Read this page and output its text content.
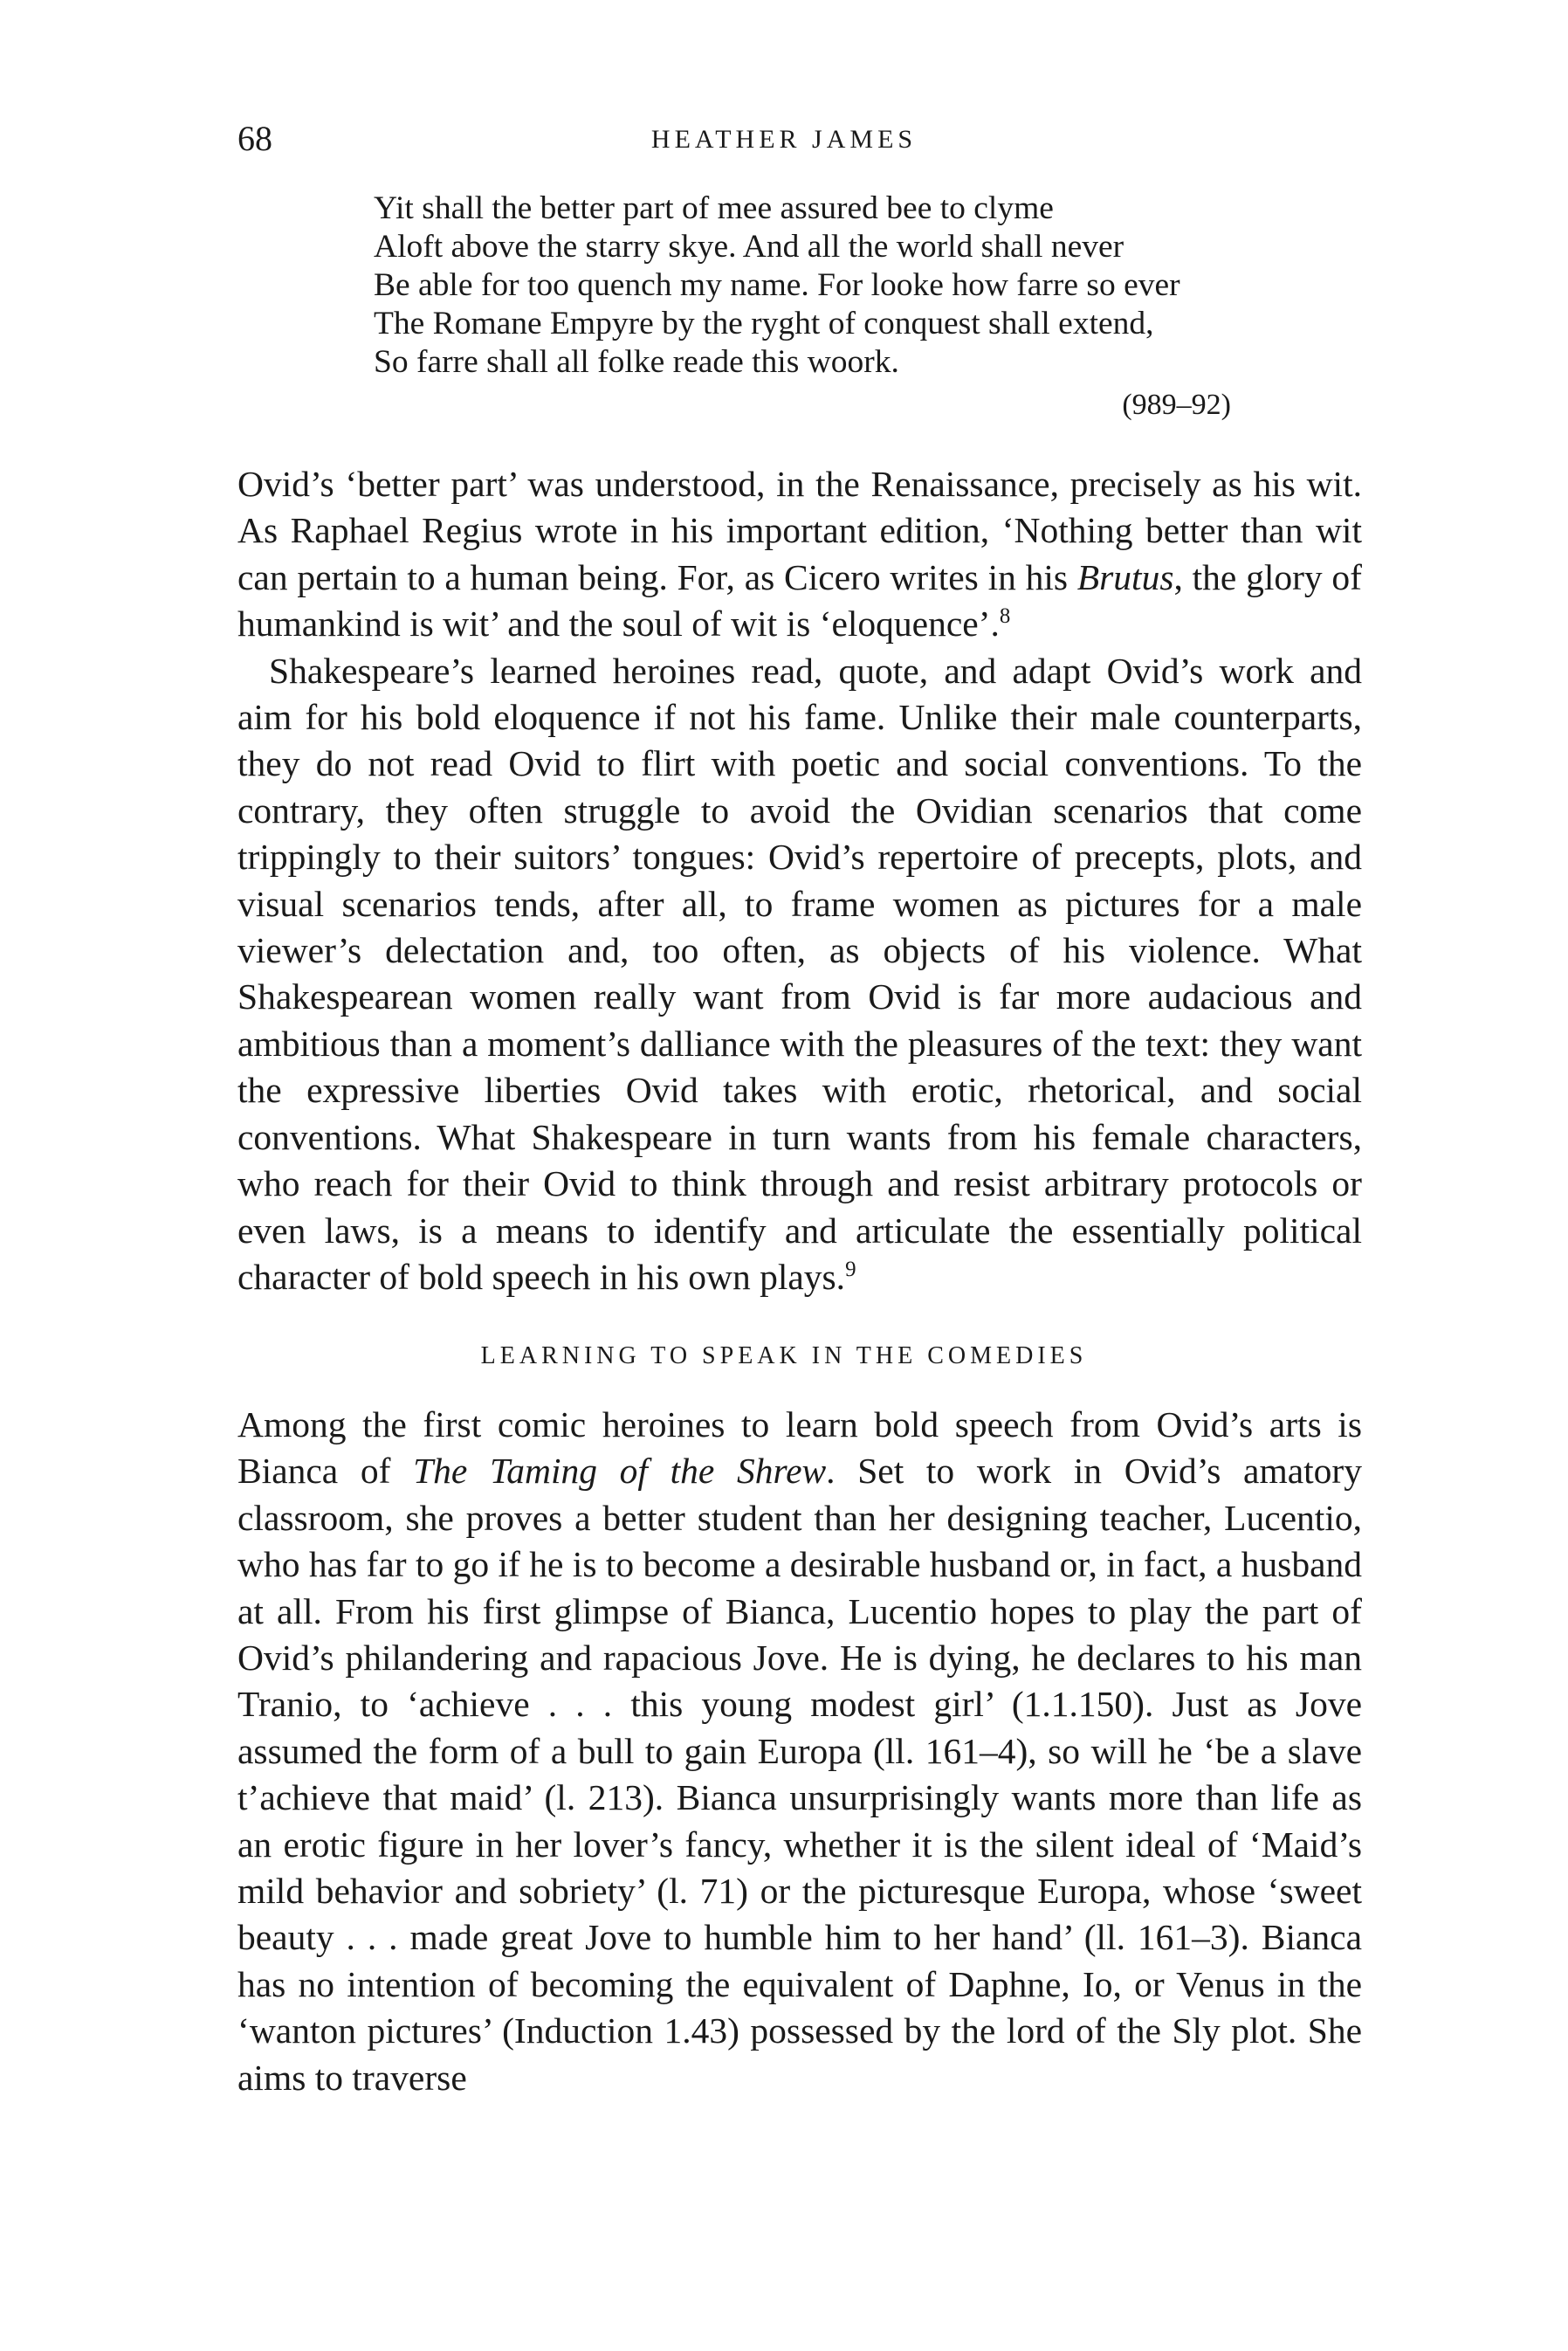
68	HEATHER JAMES
Yit shall the better part of mee assured bee to clyme
Aloft above the starry skye. And all the world shall never
Be able for too quench my name. For looke how farre so ever
The Romane Empyre by the ryght of conquest shall extend,
So farre shall all folke reade this woork.
(989–92)

Ovid’s ‘better part’ was understood, in the Renaissance, precisely as his wit. As Raphael Regius wrote in his important edition, ‘Nothing better than wit can pertain to a human being. For, as Cicero writes in his Brutus, the glory of humankind is wit’ and the soul of wit is ‘eloquence’.$^8$

Shakespeare’s learned heroines read, quote, and adapt Ovid’s work and aim for his bold eloquence if not his fame. Unlike their male counterparts, they do not read Ovid to flirt with poetic and social conventions. To the contrary, they often struggle to avoid the Ovidian scenarios that come trippingly to their suitors’ tongues: Ovid’s repertoire of precepts, plots, and visual scenarios tends, after all, to frame women as pictures for a male viewer’s delectation and, too often, as objects of his violence. What Shakespearean women really want from Ovid is far more audacious and ambitious than a moment’s dalliance with the pleasures of the text: they want the expressive liberties Ovid takes with erotic, rhetorical, and social conventions. What Shakespeare in turn wants from his female characters, who reach for their Ovid to think through and resist arbitrary protocols or even laws, is a means to identify and articulate the essentially political character of bold speech in his own plays.$^9$

LEARNING TO SPEAK IN THE COMEDIES

Among the first comic heroines to learn bold speech from Ovid’s arts is Bianca of The Taming of the Shrew. Set to work in Ovid’s amatory classroom, she proves a better student than her designing teacher, Lucentio, who has far to go if he is to become a desirable husband or, in fact, a husband at all. From his first glimpse of Bianca, Lucentio hopes to play the part of Ovid’s philandering and rapacious Jove. He is dying, he declares to his man Tranio, to ‘achieve . . . this young modest girl’ (1.1.150). Just as Jove assumed the form of a bull to gain Europa (ll. 161–4), so will he ‘be a slave t’achieve that maid’ (l. 213). Bianca unsurprisingly wants more than life as an erotic figure in her lover’s fancy, whether it is the silent ideal of ‘Maid’s mild behavior and sobriety’ (l. 71) or the picturesque Europa, whose ‘sweet beauty . . . made great Jove to humble him to her hand’ (ll. 161–3). Bianca has no intention of becoming the equivalent of Daphne, Io, or Venus in the ‘wanton pictures’ (Induction 1.43) possessed by the lord of the Sly plot. She aims to traverse
